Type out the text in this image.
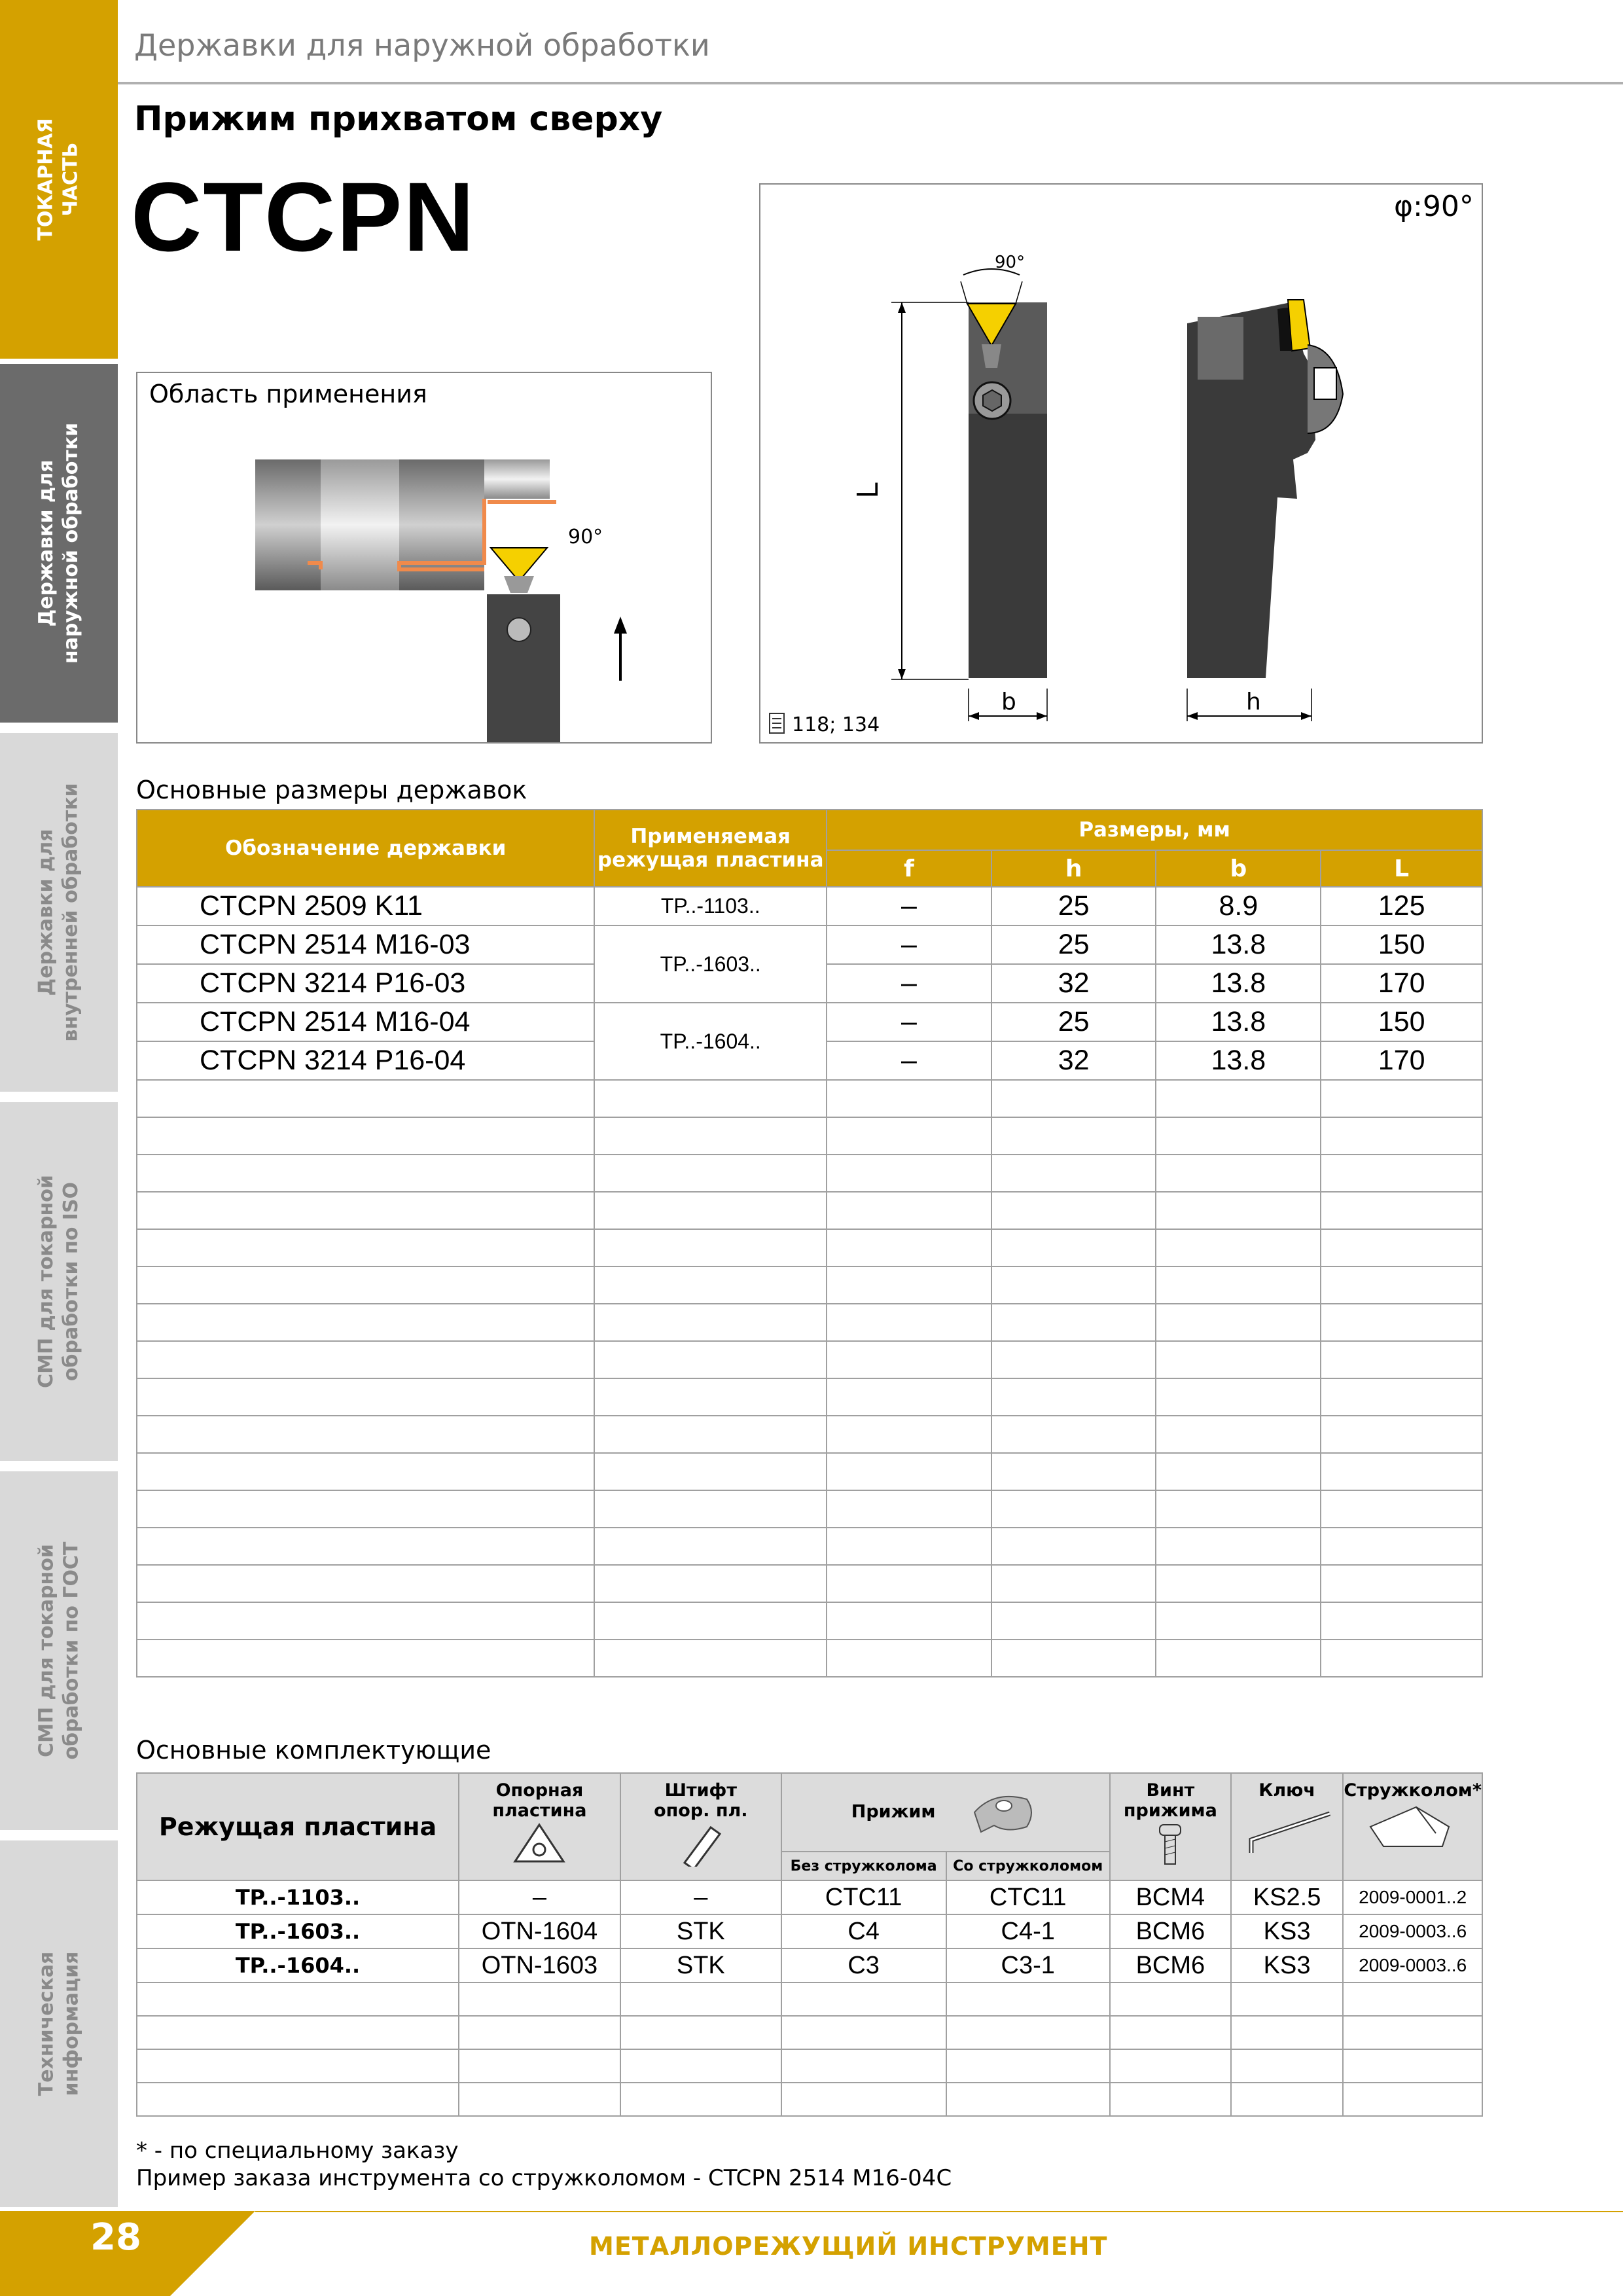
ТОКАРНАЯ ЧАСТЬ
Державки для наружной обработки
Державки для внутренней обработки
СМП для токарной обработки по ISO
СМП для токарной обработки по ГОСТ
Техническая информация
Державки для наружной обработки
Прижим прихватом сверху
CTCPN
Область применения
90°
φ:90°
90°
L
b	h
118; 134
Основные размеры державок
Обозначение державки	Применяемая режущая пластина	Размеры, мм			
		f	h	b	L
CTCPN 2509 K11	TP..-1103..	–	25	8.9	125
CTCPN 2514 M16-03	TP..-1603..	–	25	13.8	150
CTCPN 3214 P16-03		–	32	13.8	170
CTCPN 2514 M16-04	TP..-1604..	–	25	13.8	150
CTCPN 3214 P16-04		–	32	13.8	170

Основные комплектующие
Режущая пластина	Опорная пластина	Штифт опор. пл.	Прижим		Винт прижима	Ключ	Стружколом*

			Без стружколома	Со стружколомом			
TP..-1103..	–	–	CTC11	CTC11	BCM4	KS2.5	2009-0001..2
TP..-1603..	OTN-1604	STK	C4	C4-1	BCM6	KS3	2009-0003..6
TP..-1604..	OTN-1603	STK	C3	C3-1	BCM6	KS3	2009-0003..6

* - по специальному заказу
Пример заказа инструмента со стружколомом - CTCPN 2514 M16-04C
28	МЕТАЛЛОРЕЖУЩИЙ ИНСТРУМЕНТ
